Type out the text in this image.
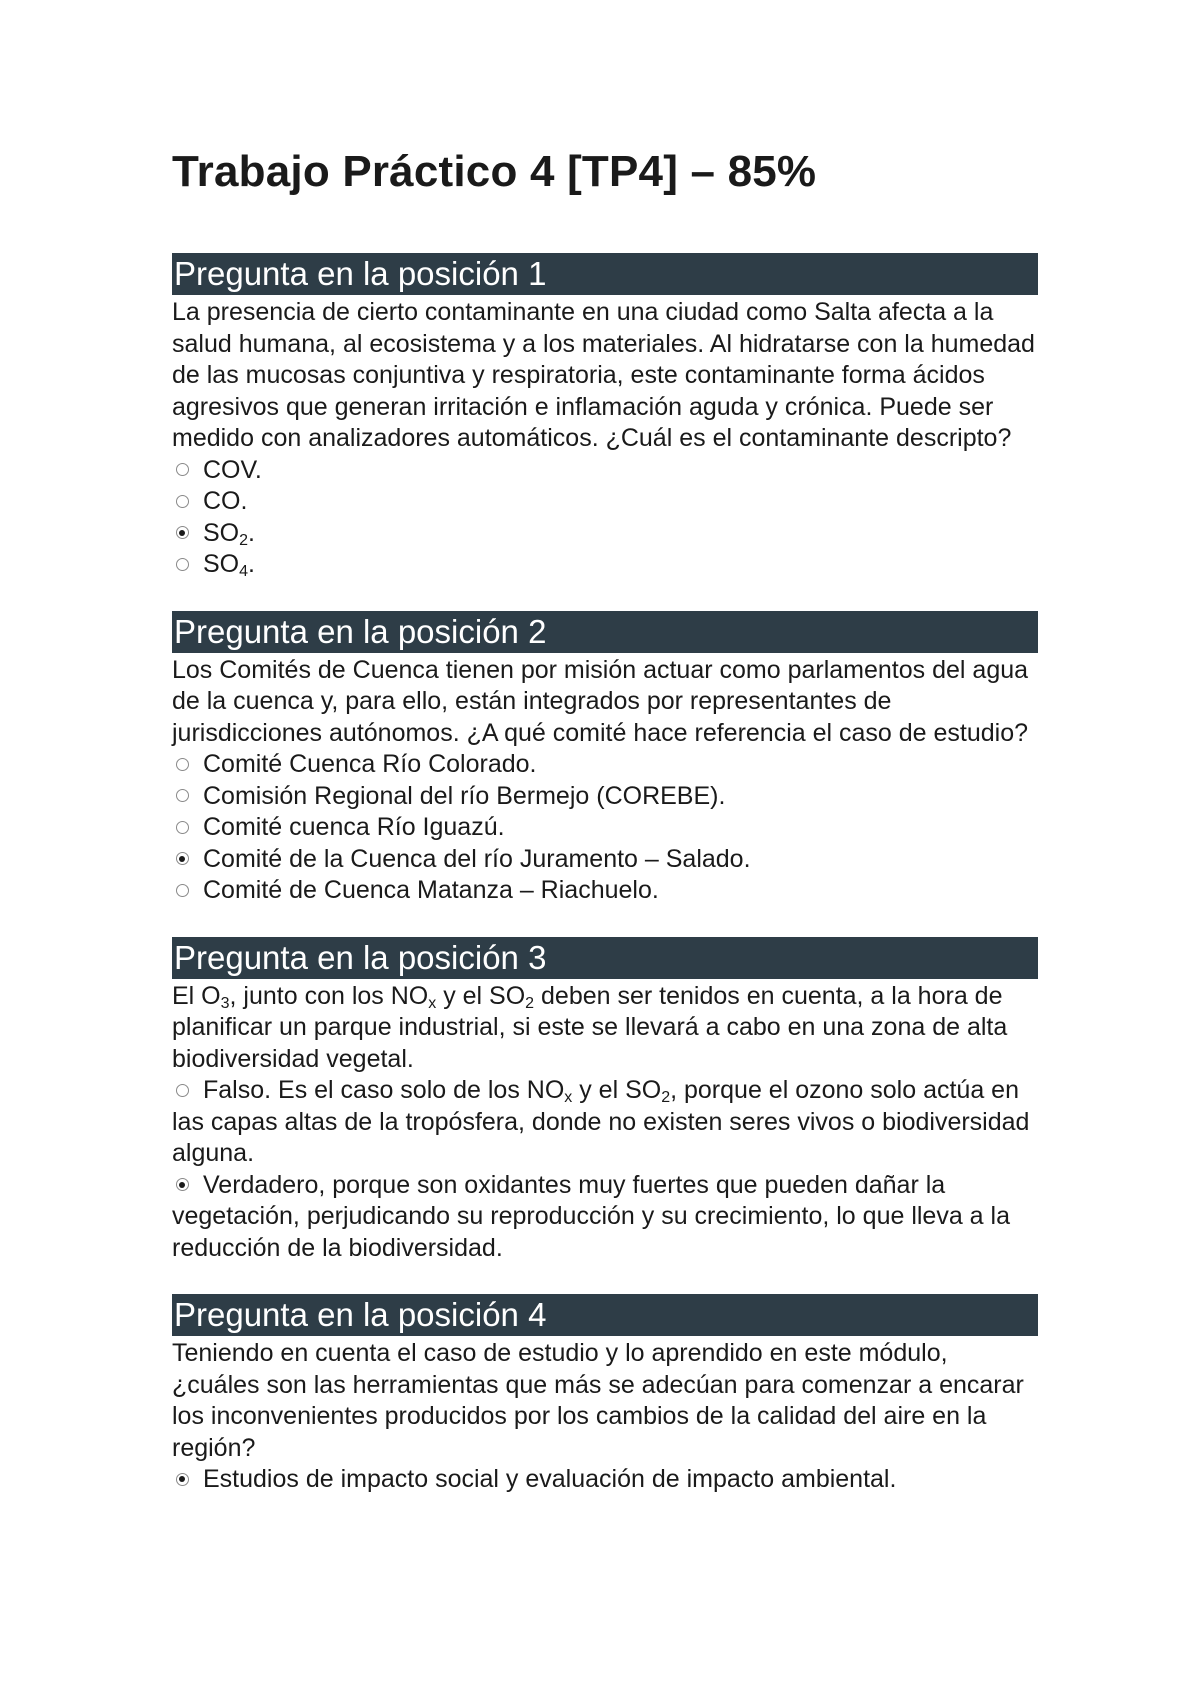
Trabajo Práctico 4 [TP4] – 85%
Pregunta en la posición 1

La presencia de cierto contaminante en una ciudad como Salta afecta a la salud humana, al ecosistema y a los materiales. Al hidratarse con la humedad de las mucosas conjuntiva y respiratoria, este contaminante forma ácidos agresivos que generan irritación e inflamación aguda y crónica. Puede ser medido con analizadores automáticos. ¿Cuál es el contaminante descripto?

COV.
CO.
$SO_2$.
$SO_4$.
Pregunta en la posición 2

Los Comités de Cuenca tienen por misión actuar como parlamentos del agua de la cuenca y, para ello, están integrados por representantes de jurisdicciones autónomos. ¿A qué comité hace referencia el caso de estudio?

Comité Cuenca Río Colorado.
Comisión Regional del río Bermejo (COREBE).
Comité cuenca Río Iguazú.
Comité de la Cuenca del río Juramento – Salado.
Comité de Cuenca Matanza – Riachuelo.
Pregunta en la posición 3

El $O_3$, junto con los $NO_x$ y el $SO_2$ deben ser tenidos en cuenta, a la hora de planificar un parque industrial, si este se llevará a cabo en una zona de alta biodiversidad vegetal.

Falso. Es el caso solo de los $NO_x$ y el $SO_2$, porque el ozono solo actúa en las capas altas de la tropósfera, donde no existen seres vivos o biodiversidad alguna.
Verdadero, porque son oxidantes muy fuertes que pueden dañar la vegetación, perjudicando su reproducción y su crecimiento, lo que lleva a la reducción de la biodiversidad.
Pregunta en la posición 4

Teniendo en cuenta el caso de estudio y lo aprendido en este módulo, ¿cuáles son las herramientas que más se adecúan para comenzar a encarar los inconvenientes producidos por los cambios de la calidad del aire en la región?

Estudios de impacto social y evaluación de impacto ambiental.
